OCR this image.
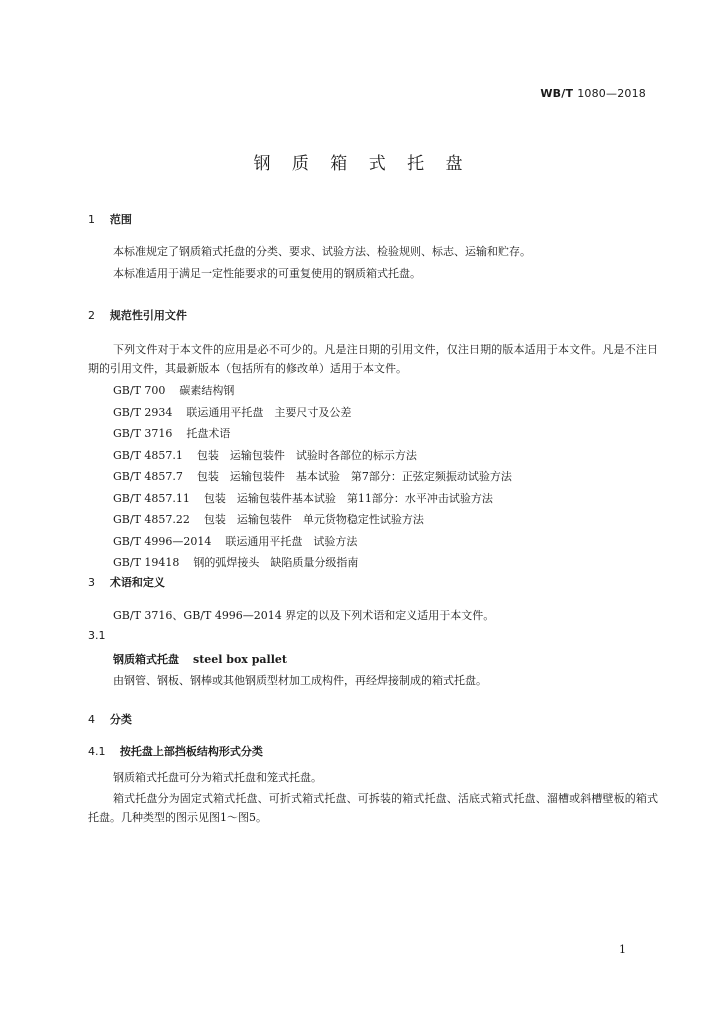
WB/T 1080—2018
钢 质 箱 式 托 盘
1 范围
本标准规定了钢质箱式托盘的分类、要求、试验方法、检验规则、标志、运输和贮存。
本标准适用于满足一定性能要求的可重复使用的钢质箱式托盘。
2 规范性引用文件
下列文件对于本文件的应用是必不可少的。凡是注日期的引用文件，仅注日期的版本适用于本文件。凡是不注日期的引用文件，其最新版本（包括所有的修改单）适用于本文件。
GB/T 700 碳素结构钢
GB/T 2934 联运通用平托盘　主要尺寸及公差
GB/T 3716 托盘术语
GB/T 4857.1 包装　运输包装件　试验时各部位的标示方法
GB/T 4857.7 包装　运输包装件　基本试验　第7部分：正弦定频振动试验方法
GB/T 4857.11 包装　运输包装件基本试验　第11部分：水平冲击试验方法
GB/T 4857.22 包装　运输包装件　单元货物稳定性试验方法
GB/T 4996—2014 联运通用平托盘　试验方法
GB/T 19418 钢的弧焊接头　缺陷质量分级指南
3 术语和定义
GB/T 3716、GB/T 4996—2014 界定的以及下列术语和定义适用于本文件。
3.1
钢质箱式托盘 steel box pallet
由钢管、钢板、钢棒或其他钢质型材加工成构件，再经焊接制成的箱式托盘。
4 分类
4.1 按托盘上部挡板结构形式分类
钢质箱式托盘可分为箱式托盘和笼式托盘。
箱式托盘分为固定式箱式托盘、可折式箱式托盘、可拆装的箱式托盘、活底式箱式托盘、溜槽或斜槽壁板的箱式托盘。几种类型的图示见图1～图5。
1
